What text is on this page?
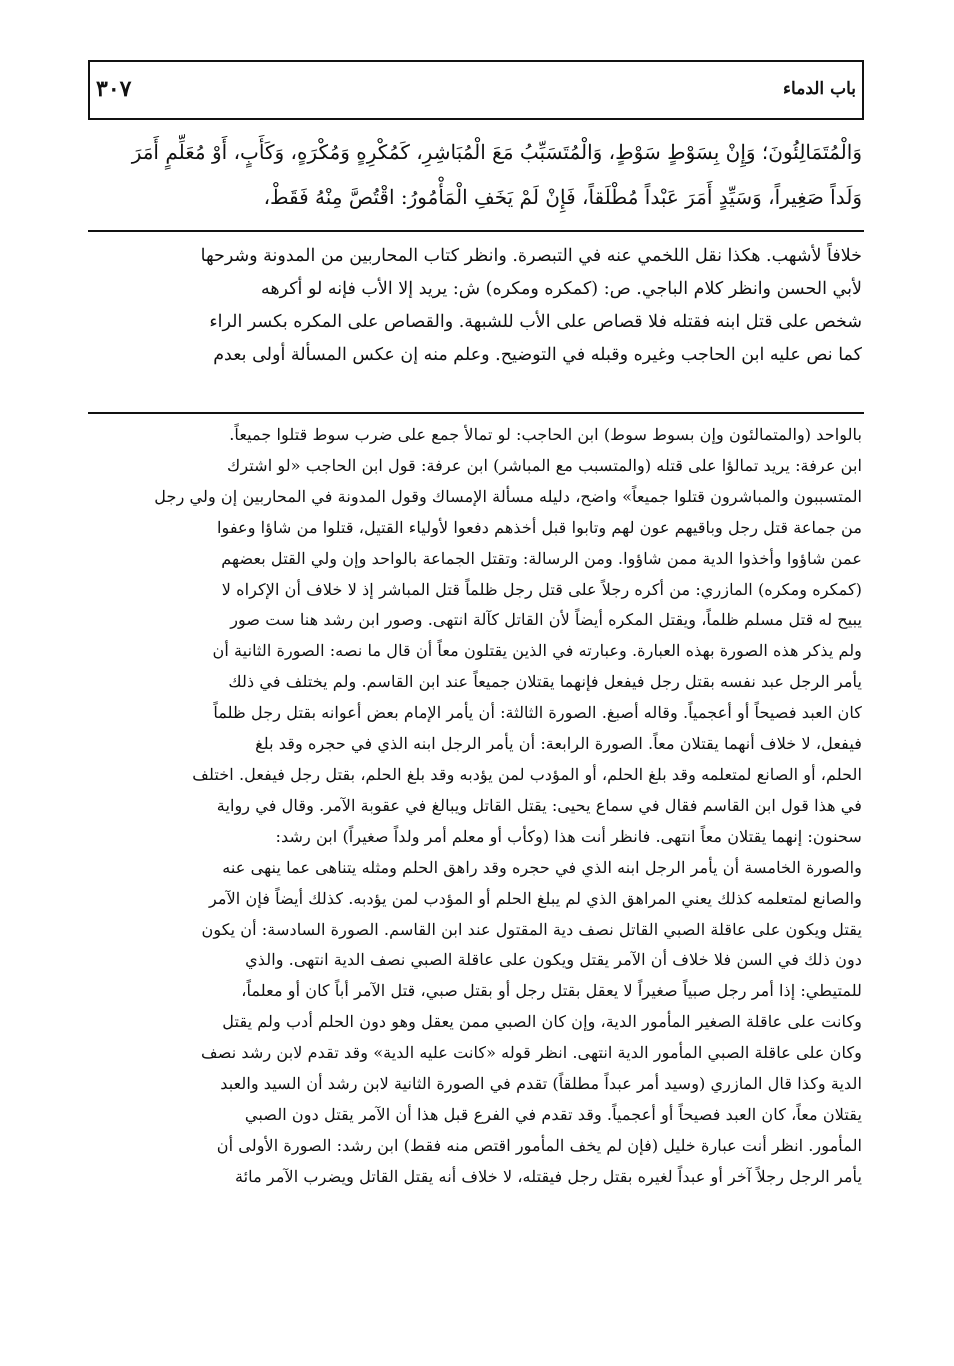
باب الدماء
٣٠٧
وَالْمُتَمَالِئُونَ؛ وَإِنْ بِسَوْطٍ سَوْطٍ، وَالْمُتَسَبِّبُ مَعَ الْمُبَاشِرِ، كَمُكْرِهٍ وَمُكْرَهٍ، وَكَأَبٍ، أَوْ مُعَلِّمٍ أَمَرَ
وَلَداً صَغِيراً، وَسَيِّدٍ أَمَرَ عَبْداً مُطْلَقاً، فَإِنْ لَمْ يَخَفِ الْمَأْمُورُ: اقْتُصَّ مِنْهُ فَقَطْ،
خلافاً لأشهب. هكذا نقل اللخمي عنه في التبصرة. وانظر كتاب المحاربين من المدونة وشرحها
لأبي الحسن وانظر كلام الباجي. ص: (كمكره ومكره) ش: يريد إلا الأب فإنه لو أكرهه
شخص على قتل ابنه فقتله فلا قصاص على الأب للشبهة. والقصاص على المكره بكسر الراء
كما نص عليه ابن الحاجب وغيره وقبله في التوضيح. وعلم منه إن عكس المسألة أولى بعدم
بالواحد (والمتمالئون وإن بسوط سوط) ابن الحاجب: لو تمالأ جمع على ضرب سوط قتلوا جميعاً.
ابن عرفة: يريد تمالؤا على قتله (والمتسبب مع المباشر) ابن عرفة: قول ابن الحاجب «لو اشترك
المتسببون والمباشرون قتلوا جميعاً» واضح، دليله مسألة الإمساك وقول المدونة في المحاربين إن ولي رجل
من جماعة قتل رجل وباقيهم عون لهم وتابوا قبل أخذهم دفعوا لأولياء القتيل، قتلوا من شاؤا وعفوا
عمن شاؤوا وأخذوا الدية ممن شاؤوا. ومن الرسالة: وتقتل الجماعة بالواحد وإن ولي القتل بعضهم
(كمكره ومكره) المازري: من أكره رجلاً على قتل رجل ظلماً قتل المباشر إذ لا خلاف أن الإكراه لا
يبيح له قتل مسلم ظلماً، ويقتل المكره أيضاً لأن القاتل كآلة انتهى. وصور ابن رشد هنا ست صور
ولم يذكر هذه الصورة بهذه العبارة. وعبارته في الذين يقتلون معاً أن قال ما نصه: الصورة الثانية أن
يأمر الرجل عبد نفسه بقتل رجل فيفعل فإنهما يقتلان جميعاً عند ابن القاسم. ولم يختلف في ذلك
كان العبد فصيحاً أو أعجمياً. وقاله أصبغ. الصورة الثالثة: أن يأمر الإمام بعض أعوانه بقتل رجل ظلماً
فيفعل، لا خلاف أنهما يقتلان معاً. الصورة الرابعة: أن يأمر الرجل ابنه الذي في حجره وقد بلغ
الحلم، أو الصانع لمتعلمه وقد بلغ الحلم، أو المؤدب لمن يؤدبه وقد بلغ الحلم، بقتل رجل فيفعل. اختلف
في هذا قول ابن القاسم فقال في سماع يحيى: يقتل القاتل ويبالغ في عقوبة الآمر. وقال في رواية
سحنون: إنهما يقتلان معاً انتهى. فانظر أنت هذا (وكأب أو معلم أمر ولداً صغيراً) ابن رشد:
والصورة الخامسة أن يأمر الرجل ابنه الذي في حجره وقد راهق الحلم ومثله يتناهى عما ينهى عنه
والصانع لمتعلمه كذلك يعني المراهق الذي لم يبلغ الحلم أو المؤدب لمن يؤدبه. كذلك أيضاً فإن الآمر
يقتل ويكون على عاقلة الصبي القاتل نصف دية المقتول عند ابن القاسم. الصورة السادسة: أن يكون
دون ذلك في السن فلا خلاف أن الآمر يقتل ويكون على عاقلة الصبي نصف الدية انتهى. والذي
للمتيطي: إذا أمر رجل صبياً صغيراً لا يعقل بقتل رجل أو بقتل صبي، قتل الآمر أباً كان أو معلماً،
وكانت على عاقلة الصغير المأمور الدية، وإن كان الصبي ممن يعقل وهو دون الحلم أدب ولم يقتل
وكان على عاقلة الصبي المأمور الدية انتهى. انظر قوله «كانت عليه الدية» وقد تقدم لابن رشد نصف
الدية وكذا قال المازري (وسيد أمر عبداً مطلقاً) تقدم في الصورة الثانية لابن رشد أن السيد والعبد
يقتلان معاً، كان العبد فصيحاً أو أعجمياً. وقد تقدم في الفرع قبل هذا أن الآمر يقتل دون الصبي
المأمور. انظر أنت عبارة خليل (فإن لم يخف المأمور اقتص منه فقط) ابن رشد: الصورة الأولى أن
يأمر الرجل رجلاً آخر أو عبداً لغيره بقتل رجل فيقتله، لا خلاف أنه يقتل القاتل ويضرب الآمر مائة
